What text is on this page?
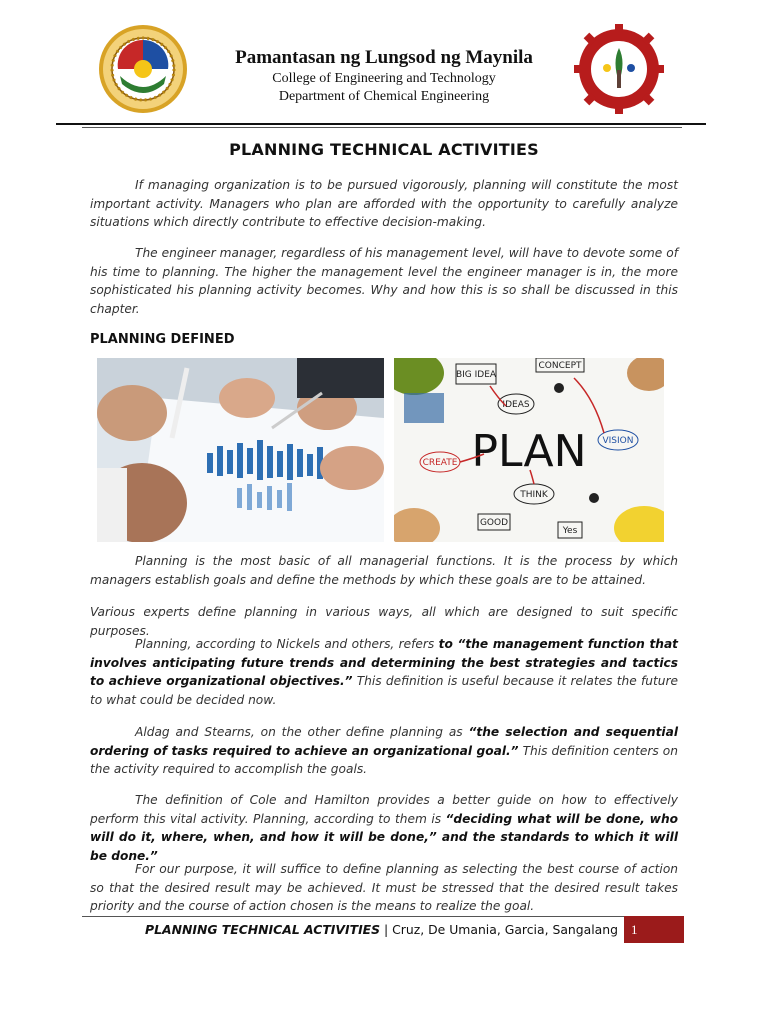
Pamantasan ng Lungsod ng Maynila
College of Engineering and Technology
Department of Chemical Engineering
PLANNING TECHNICAL ACTIVITIES

If managing organization is to be pursued vigorously, planning will constitute the most important activity. Managers who plan are afforded with the opportunity to carefully analyze situations which directly contribute to effective decision-making.

The engineer manager, regardless of his management level, will have to devote some of his time to planning. The higher the management level the engineer manager is in, the more sophisticated his planning activity becomes. Why and how this is so shall be discussed in this chapter.

PLANNING DEFINED
PLAN
BIG IDEA
CONCEPT
IDEAS
VISION
CREATE
THINK
GOOD
Yes

Planning is the most basic of all managerial functions. It is the process by which managers establish goals and define the methods by which these goals are to be attained.

Various experts define planning in various ways, all which are designed to suit specific purposes.

Planning, according to Nickels and others, refers to “the management function that involves anticipating future trends and determining the best strategies and tactics to achieve organizational objectives.” This definition is useful because it relates the future to what could be decided now.

Aldag and Stearns, on the other define planning as “the selection and sequential ordering of tasks required to achieve an organizational goal.” This definition centers on the activity required to accomplish the goals.

The definition of Cole and Hamilton provides a better guide on how to effectively perform this vital activity. Planning, according to them is “deciding what will be done, who will do it, where, when, and how it will be done,” and the standards to which it will be done.”

For our purpose, it will suffice to define planning as selecting the best course of action so that the desired result may be achieved. It must be stressed that the desired result takes priority and the course of action chosen is the means to realize the goal.

PLANNING TECHNICAL ACTIVITIES | Cruz, De Umania, Garcia, Sangalang	1
